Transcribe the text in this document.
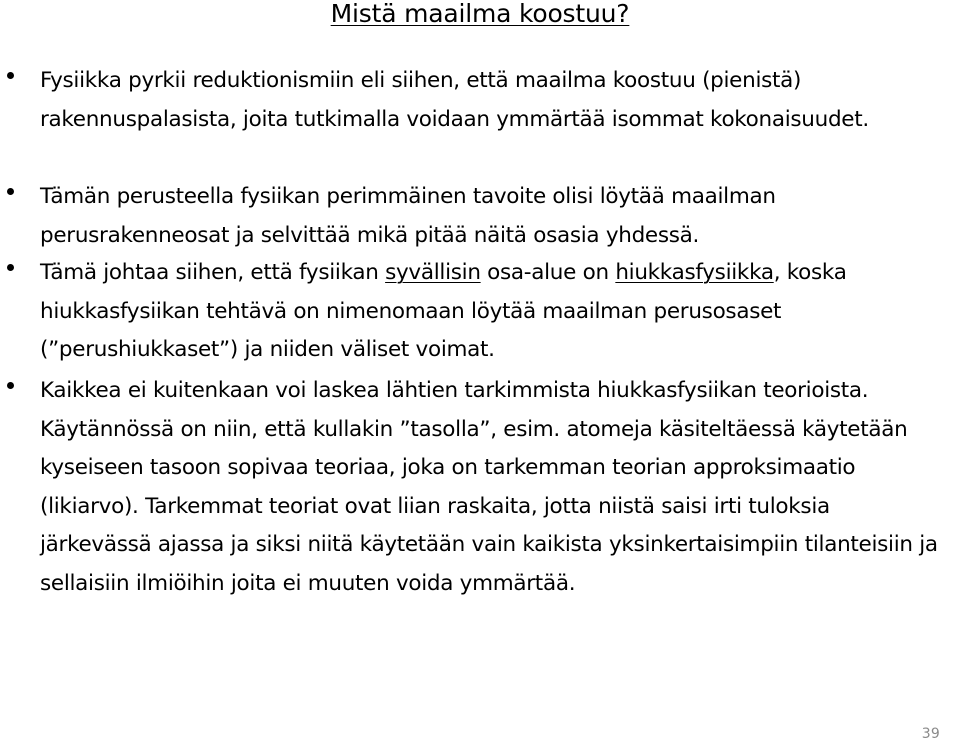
Mistä maailma koostuu?
Fysiikka pyrkii reduktionismiin eli siihen, että maailma koostuu (pienistä) rakennuspalasista, joita tutkimalla voidaan ymmärtää isommat kokonaisuudet.
Tämän perusteella fysiikan perimmäinen tavoite olisi löytää maailman perusrakenneosat ja selvittää mikä pitää näitä osasia yhdessä.
Tämä johtaa siihen, että fysiikan syvällisin osa-alue on hiukkasfysiikka, koska hiukkasfysiikan tehtävä on nimenomaan löytää maailman perusosaset (”perushiukkaset”) ja niiden väliset voimat.
Kaikkea ei kuitenkaan voi laskea lähtien tarkimmista hiukkasfysiikan teorioista. Käytännössä on niin, että kullakin ”tasolla”, esim. atomeja käsiteltäessä käytetään kyseiseen tasoon sopivaa teoriaa, joka on tarkemman teorian approksimaatio (likiarvo). Tarkemmat teoriat ovat liian raskaita, jotta niistä saisi irti tuloksia järkevässä ajassa ja siksi niitä käytetään vain kaikista yksinkertaisimpiin tilanteisiin ja sellaisiin ilmiöihin joita ei muuten voida ymmärtää.
39
